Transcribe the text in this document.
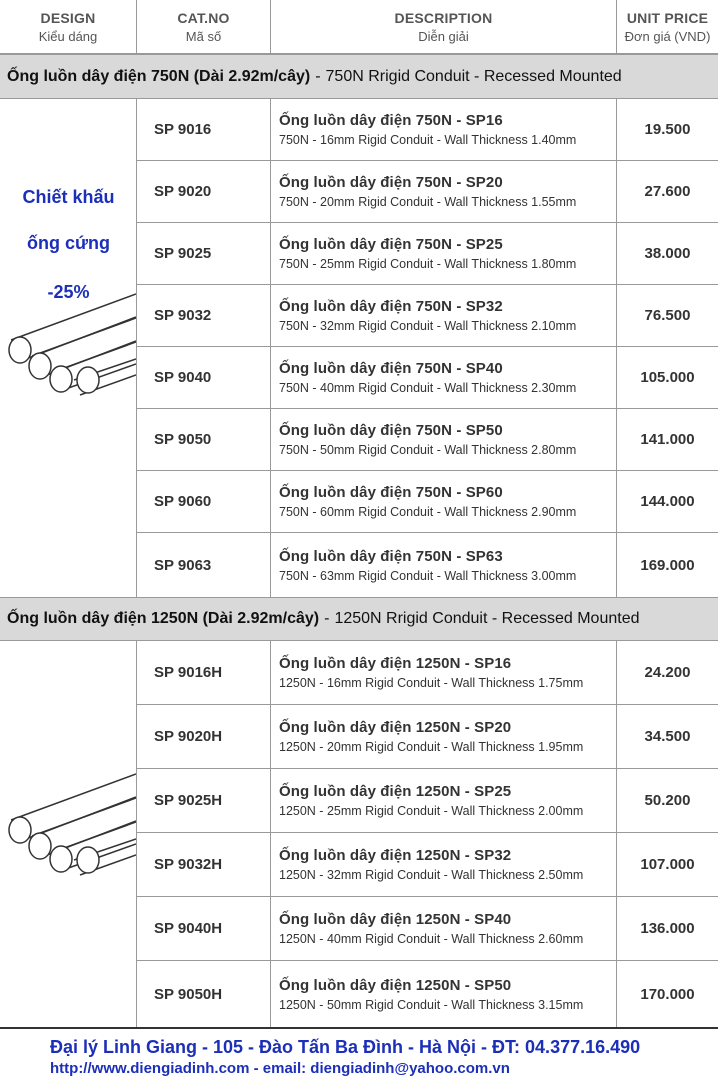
DESIGN
Kiểu dáng
CAT.NO
Mã số
DESCRIPTION
Diễn giải
UNIT PRICE
Đơn giá (VND)
Ống luồn dây điện 750N (Dài 2.92m/cây) - 750N Rrigid Conduit - Recessed Mounted
Chiết khấu
ống cứng
-25%
SP 9016
Ống luồn dây điện 750N - SP16
750N - 16mm Rigid Conduit - Wall Thickness 1.40mm
19.500
SP 9020
Ống luồn dây điện 750N - SP20
750N - 20mm Rigid Conduit - Wall Thickness 1.55mm
27.600
SP 9025
Ống luồn dây điện 750N - SP25
750N - 25mm Rigid Conduit - Wall Thickness 1.80mm
38.000
SP 9032
Ống luồn dây điện 750N - SP32
750N - 32mm Rigid Conduit - Wall Thickness 2.10mm
76.500
SP 9040
Ống luồn dây điện 750N - SP40
750N - 40mm Rigid Conduit - Wall Thickness 2.30mm
105.000
SP 9050
Ống luồn dây điện 750N - SP50
750N - 50mm Rigid Conduit - Wall Thickness 2.80mm
141.000
SP 9060
Ống luồn dây điện 750N - SP60
750N - 60mm Rigid Conduit - Wall Thickness 2.90mm
144.000
SP 9063
Ống luồn dây điện 750N - SP63
750N - 63mm Rigid Conduit - Wall Thickness 3.00mm
169.000
Ống luồn dây điện 1250N (Dài 2.92m/cây) - 1250N Rrigid Conduit - Recessed Mounted
SP 9016H
Ống luồn dây điện 1250N - SP16
1250N - 16mm Rigid Conduit - Wall Thickness 1.75mm
24.200
SP 9020H
Ống luồn dây điện 1250N - SP20
1250N - 20mm Rigid Conduit - Wall Thickness 1.95mm
34.500
SP 9025H
Ống luồn dây điện 1250N - SP25
1250N - 25mm Rigid Conduit - Wall Thickness 2.00mm
50.200
SP 9032H
Ống luồn dây điện 1250N - SP32
1250N - 32mm Rigid Conduit - Wall Thickness 2.50mm
107.000
SP 9040H
Ống luồn dây điện 1250N - SP40
1250N - 40mm Rigid Conduit - Wall Thickness 2.60mm
136.000
SP 9050H
Ống luồn dây điện 1250N - SP50
1250N - 50mm Rigid Conduit - Wall Thickness 3.15mm
170.000
Đại lý Linh Giang - 105 - Đào Tấn Ba Đình - Hà Nội - ĐT: 04.377.16.490
http://www.diengiadinh.com - email: diengiadinh@yahoo.com.vn
